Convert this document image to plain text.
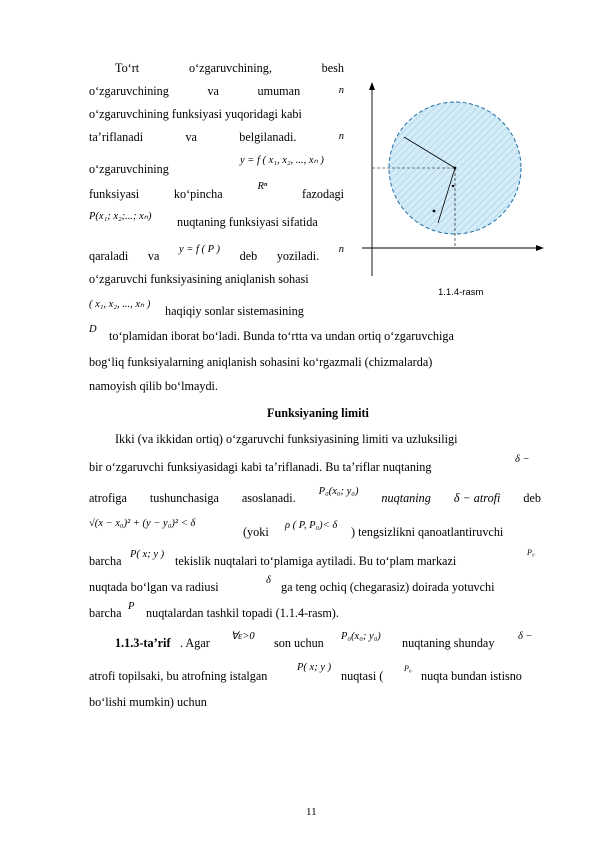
To‘rt	o‘zgaruvchining,	besh
o‘zgaruvchining	va	umuman	n
o‘zgaruvchining funksiyasi yuqoridagi kabi
ta’riflanadi	va	belgilanadi.	n
o‘zgaruvchining
y = f ( x₁, x₂, ..., xₙ )
funksiyasi	ko‘pincha
Rⁿ
fazodagi
P(x₁; x₂;...; xₙ) nuqtaning funksiyasi sifatida
qaraladi va y = f ( P ) deb yoziladi. n
o‘zgaruvchi funksiyasining aniqlanish sohasi
( x₁, x₂, ..., xₙ ) haqiqiy sonlar sistemasining
D to‘plamidan iborat bo‘ladi. Bunda to‘rtta va undan ortiq o‘zgaruvchiga
bog‘liq funksiyalarning aniqlanish sohasini ko‘rgazmali (chizmalarda)
namoyish qilib bo‘lmaydi.
1.1.4-rasm
Funksiyaning limiti
Ikki (va ikkidan ortiq) o‘zgaruvchi funksiyasining limiti va uzluksiligi
bir o‘zgaruvchi funksiyasidagi kabi ta’riflanadi. Bu ta’riflar nuqtaning
δ −
atrofiga tushunchasiga asoslanadi. P₀(x₀; y₀) nuqtaning δ − atrofi deb
√(x − x₀)² + (y − y₀)² < δ
(yoki ρ ( P, P₀)< δ ) tengsizlikni qanoatlantiruvchi
barcha P( x; y ) tekislik nuqtalari to‘plamiga aytiladi. Bu to‘plam markazi
P₀
nuqtada bo‘lgan va radiusi	δ ga teng ochiq (chegarasiz) doirada yotuvchi
barcha P nuqtalardan tashkil topadi (1.1.4-rasm).
1.1.3-ta’rif . Agar ∀ε>0 son uchun P₀(x₀; y₀) nuqtaning shunday δ −
atrofi topilsaki, bu atrofning istalgan
P( x; y )
nuqtasi (
P₀
nuqta bundan istisno
bo‘lishi mumkin) uchun
11
